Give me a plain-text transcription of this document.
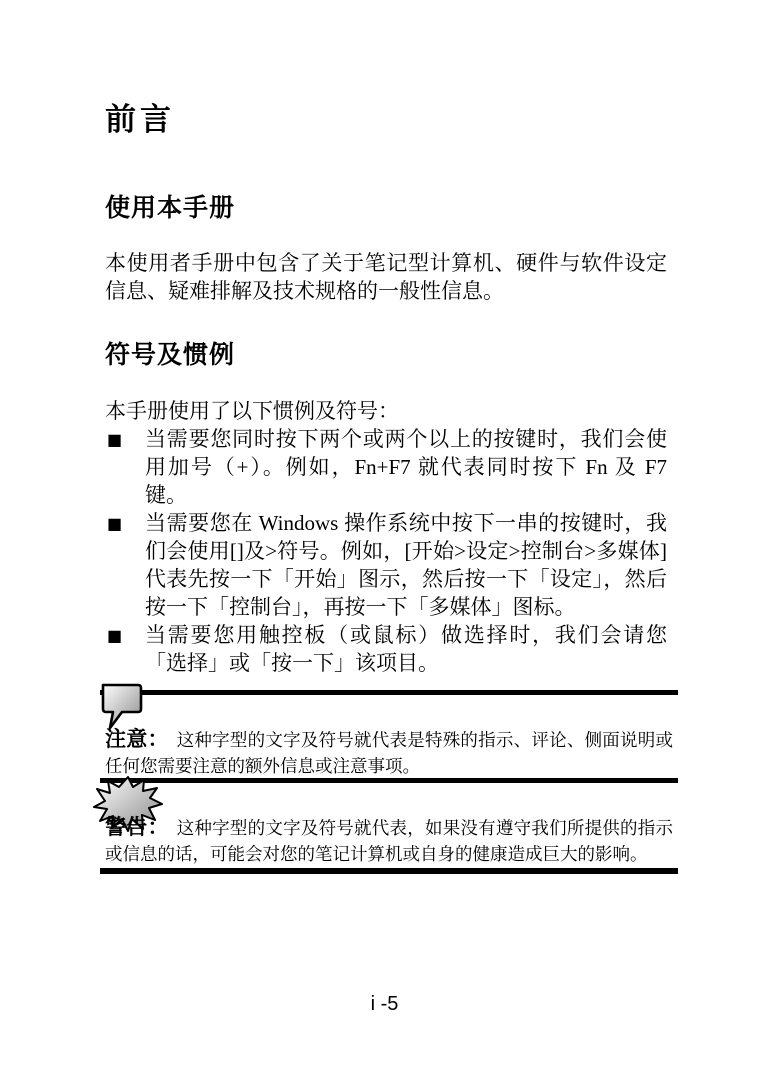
前言
使用本手册

本使用者手册中包含了关于笔记型计算机、硬件与软件设定信息、疑难排解及技术规格的一般性信息。

符号及惯例

本手册使用了以下惯例及符号：

■ 当需要您同时按下两个或两个以上的按键时，我们会使用加号（+）。例如，Fn+F7 就代表同时按下 Fn 及 F7 键。
■ 当需要您在 Windows 操作系统中按下一串的按键时，我们会使用[]及>符号。例如，[开始>设定>控制台>多媒体]代表先按一下「开始」图示，然后按一下「设定」，然后按一下「控制台」，再按一下「多媒体」图标。
■ 当需要您用触控板（或鼠标）做选择时，我们会请您「选择」或「按一下」该项目。

注意： 这种字型的文字及符号就代表是特殊的指示、评论、侧面说明或任何您需要注意的额外信息或注意事项。

警告： 这种字型的文字及符号就代表，如果没有遵守我们所提供的指示或信息的话，可能会对您的笔记计算机或自身的健康造成巨大的影响。

i -5
